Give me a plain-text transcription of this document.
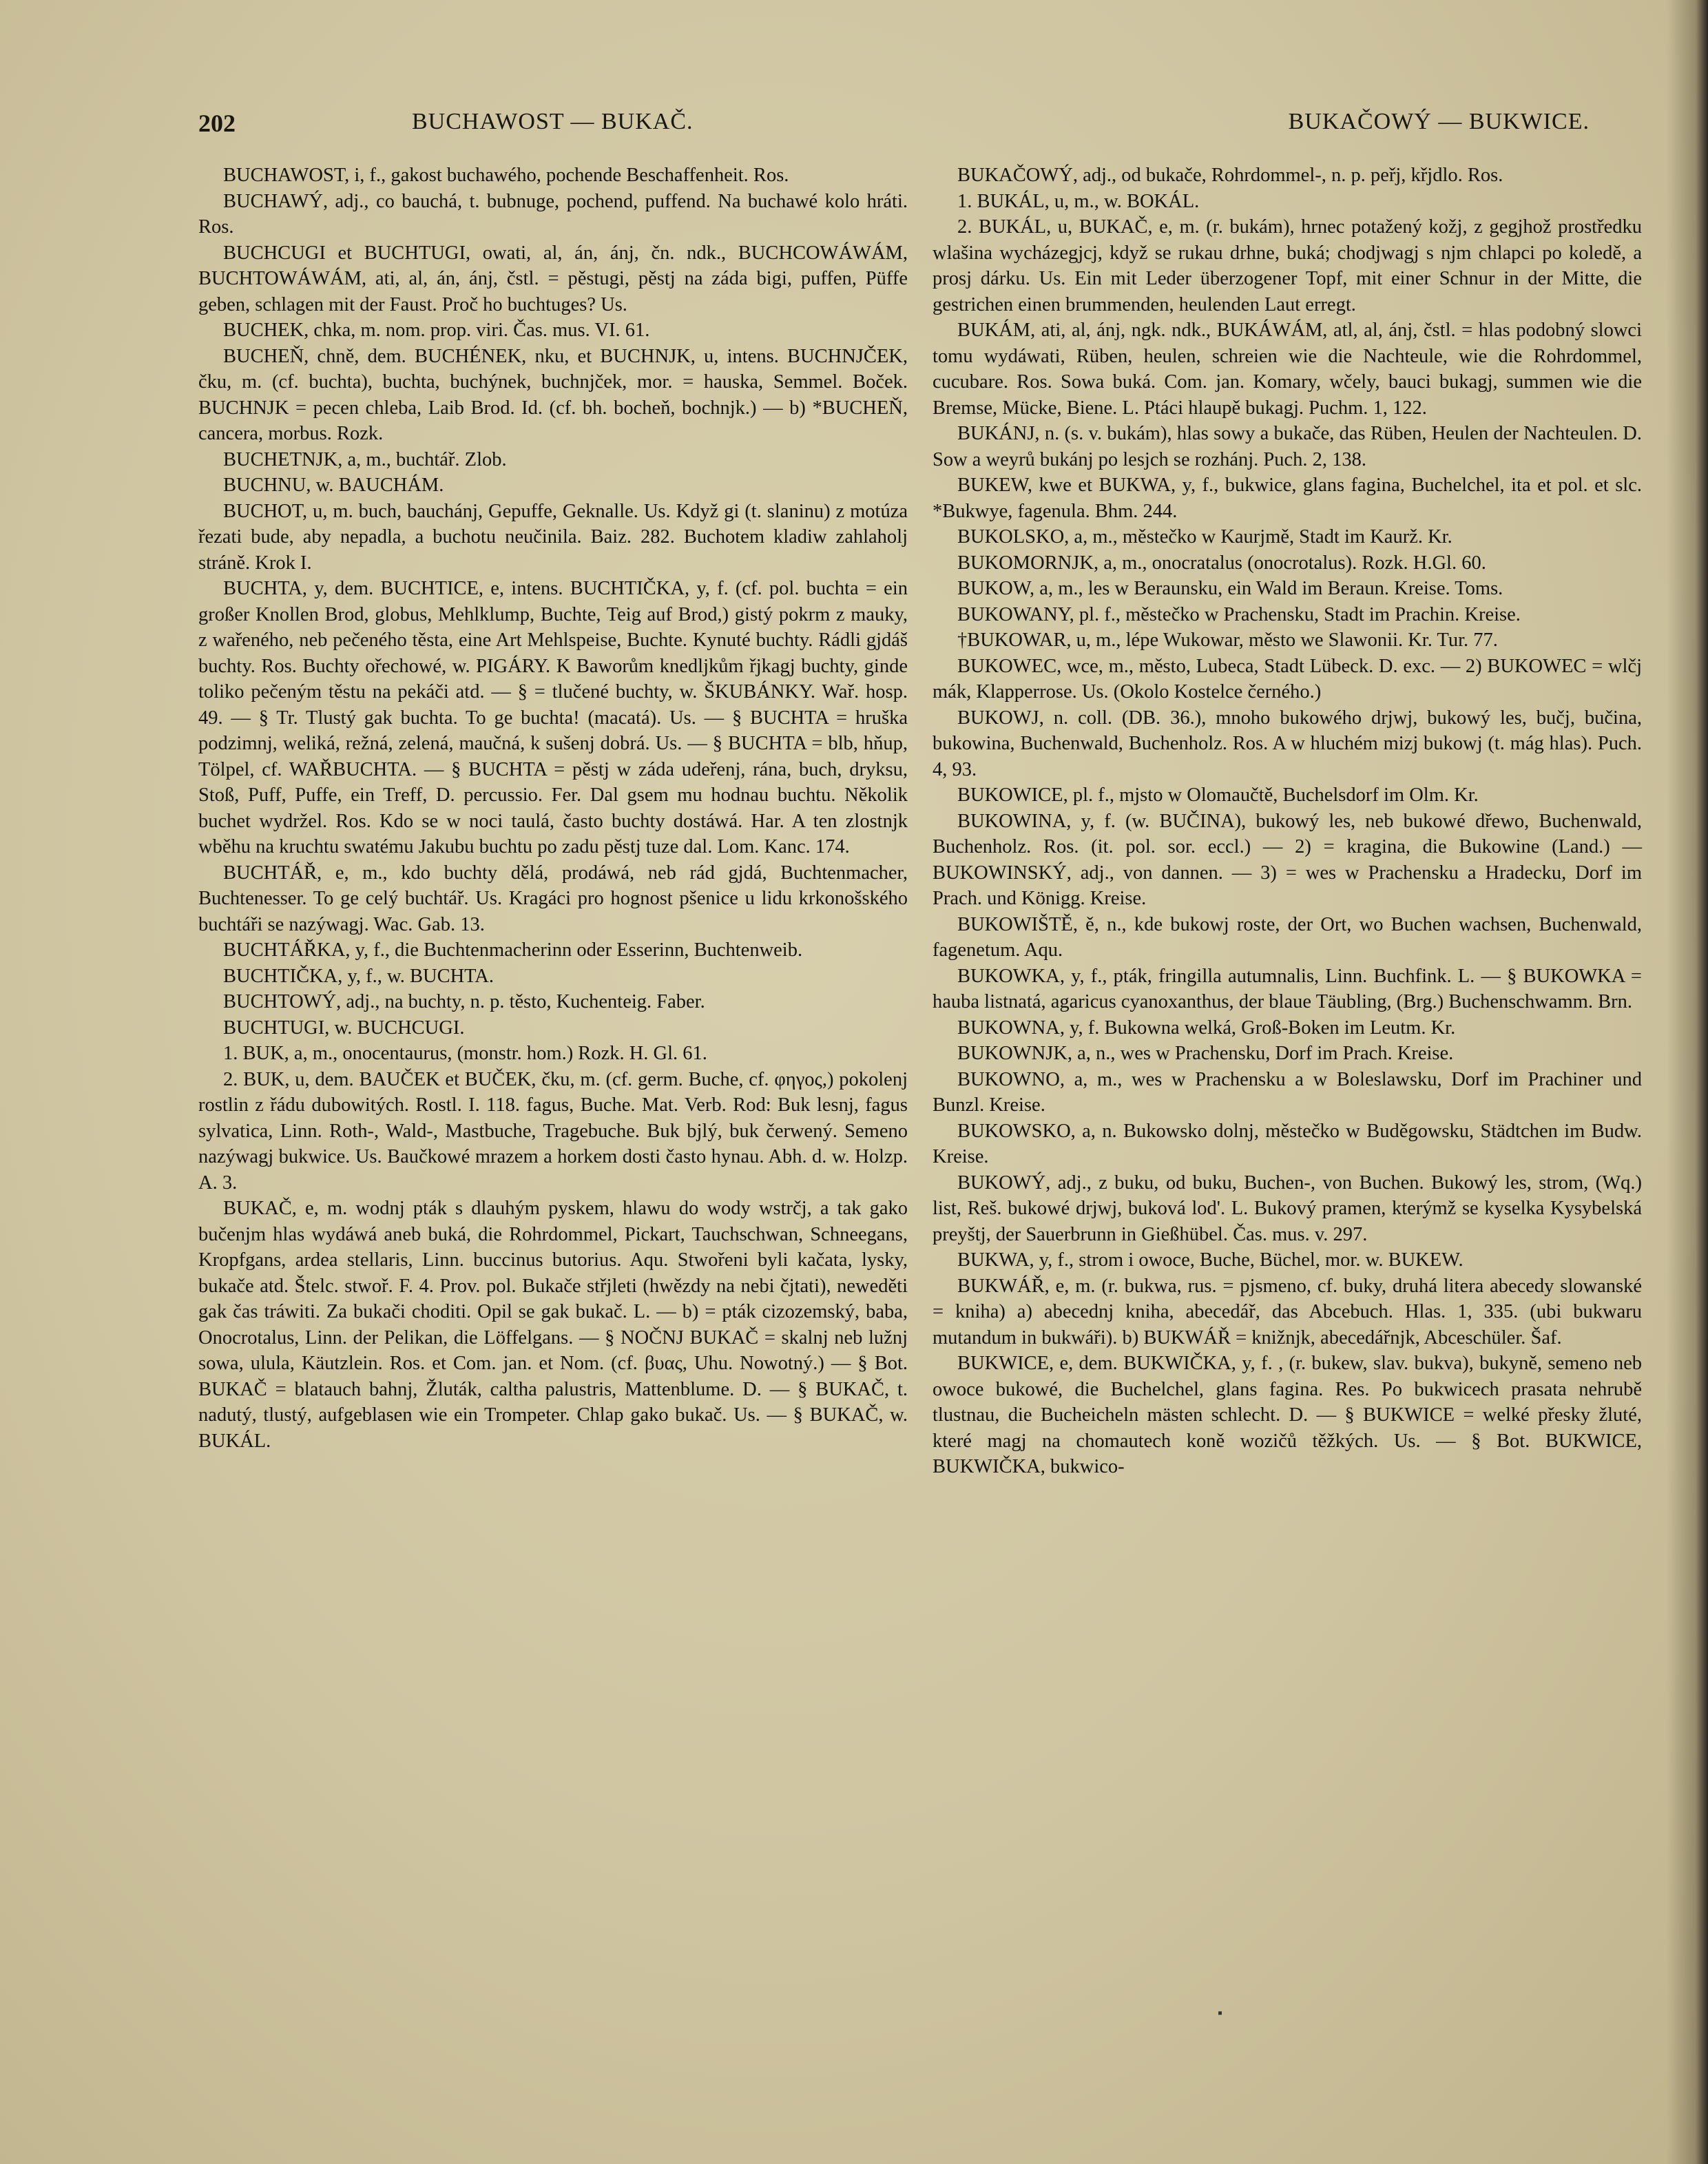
202	BUCHAWOST — BUKAČ.	BUKAČOWÝ — BUKWICE.

BUCHAWOST, i, f., gakost buchawého, pochende Beschaffenheit. Ros.

BUCHAWÝ, adj., co bauchá, t. bubnuge, pochend, puffend. Na buchawé kolo hráti. Ros.

BUCHCUGI et BUCHTUGI, owati, al, án, ánj, čn. ndk., BUCHCOWÁWÁM, BUCHTOWÁWÁM, ati, al, án, ánj, čstl. = pěstugi, pěstj na záda bigi, puffen, Püffe geben, schlagen mit der Faust. Proč ho buchtuges? Us.

BUCHEK, chka, m. nom. prop. viri. Čas. mus. VI. 61.

BUCHEŇ, chně, dem. BUCHÉNEK, nku, et BUCHNJK, u, intens. BUCHNJČEK, čku, m. (cf. buchta), buchta, buchýnek, buchnjček, mor. = hauska, Semmel. Boček. BUCHNJK = pecen chleba, Laib Brod. Id. (cf. bh. bocheň, bochnjk.) — b) *BUCHEŇ, cancera, morbus. Rozk.

BUCHETNJK, a, m., buchtář. Zlob.

BUCHNU, w. BAUCHÁM.

BUCHOT, u, m. buch, bauchánj, Gepuffe, Geknalle. Us. Když gi (t. slaninu) z motúza řezati bude, aby nepadla, a buchotu neučinila. Baiz. 282. Buchotem kladiw zahlaholj stráně. Krok I.

BUCHTA, y, dem. BUCHTICE, e, intens. BUCHTIČKA, y, f. (cf. pol. buchta = ein großer Knollen Brod, globus, Mehlklump, Buchte, Teig auf Brod,) gistý pokrm z mauky, z wařeného, neb pečeného těsta, eine Art Mehlspeise, Buchte. Kynuté buchty. Rádli gjdáš buchty. Ros. Buchty ořechowé, w. PIGÁRY. K Baworům knedljkům řjkagj buchty, ginde toliko pečeným těstu na pekáči atd. — § = tlučené buchty, w. ŠKUBÁNKY. Wař. hosp. 49. — § Tr. Tlustý gak buchta. To ge buchta! (macatá). Us. — § BUCHTA = hruška podzimnj, weliká, režná, zelená, maučná, k sušenj dobrá. Us. — § BUCHTA = blb, hňup, Tölpel, cf. WAŘBUCHTA. — § BUCHTA = pěstj w záda udeřenj, rána, buch, dryksu, Stoß, Puff, Puffe, ein Treff, D. percussio. Fer. Dal gsem mu hodnau buchtu. Několik buchet wydržel. Ros. Kdo se w noci taulá, často buchty dostáwá. Har. A ten zlostnjk wběhu na kruchtu swatému Jakubu buchtu po zadu pěstj tuze dal. Lom. Kanc. 174.

BUCHTÁŘ, e, m., kdo buchty dělá, prodáwá, neb rád gjdá, Buchtenmacher, Buchtenesser. To ge celý buchtář. Us. Kragáci pro hognost pšenice u lidu krkonošského buchtáři se nazýwagj. Wac. Gab. 13.

BUCHTÁŘKA, y, f., die Buchtenmacherinn oder Esserinn, Buchtenweib.

BUCHTIČKA, y, f., w. BUCHTA.

BUCHTOWÝ, adj., na buchty, n. p. těsto, Kuchenteig. Faber.

BUCHTUGI, w. BUCHCUGI.

1. BUK, a, m., onocentaurus, (monstr. hom.) Rozk. H. Gl. 61.

2. BUK, u, dem. BAUČEK et BUČEK, čku, m. (cf. germ. Buche, cf. φηγος,) pokolenj rostlin z řádu dubowitých. Rostl. I. 118. fagus, Buche. Mat. Verb. Rod: Buk lesnj, fagus sylvatica, Linn. Roth-, Wald-, Mastbuche, Tragebuche. Buk bjlý, buk čerwený. Semeno nazýwagj bukwice. Us. Baučkowé mrazem a horkem dosti často hynau. Abh. d. w. Holzp. A. 3.

BUKAČ, e, m. wodnj pták s dlauhým pyskem, hlawu do wody wstrčj, a tak gako bučenjm hlas wydáwá aneb buká, die Rohrdommel, Pickart, Tauchschwan, Schneegans, Kropfgans, ardea stellaris, Linn. buccinus butorius. Aqu. Stwořeni byli kačata, lysky, bukače atd. Štelc. stwoř. F. 4. Prov. pol. Bukače střjleti (hwězdy na nebi čjtati), neweděti gak čas tráwiti. Za bukači choditi. Opil se gak bukač. L. — b) = pták cizozemský, baba, Onocrotalus, Linn. der Pelikan, die Löffelgans. — § NOČNJ BUKAČ = skalnj neb lužnj sowa, ulula, Käutzlein. Ros. et Com. jan. et Nom. (cf. βυας, Uhu. Nowotný.) — § Bot. BUKAČ = blatauch bahnj, Žluták, caltha palustris, Mattenblume. D. — § BUKAČ, t. nadutý, tlustý, aufgeblasen wie ein Trompeter. Chlap gako bukač. Us. — § BUKAČ, w. BUKÁL.

BUKAČOWÝ, adj., od bukače, Rohrdommel-, n. p. peřj, křjdlo. Ros.

1. BUKÁL, u, m., w. BOKÁL.

2. BUKÁL, u, BUKAČ, e, m. (r. bukám), hrnec potažený kožj, z gegjhož prostředku wlašina wycházegjcj, když se rukau drhne, buká; chodjwagj s njm chlapci po koledě, a prosj dárku. Us. Ein mit Leder überzogener Topf, mit einer Schnur in der Mitte, die gestrichen einen brummenden, heulenden Laut erregt.

BUKÁM, ati, al, ánj, ngk. ndk., BUKÁWÁM, atl, al, ánj, čstl. = hlas podobný slowci tomu wydáwati, Rüben, heulen, schreien wie die Nachteule, wie die Rohrdommel, cucubare. Ros. Sowa buká. Com. jan. Komary, wčely, bauci bukagj, summen wie die Bremse, Mücke, Biene. L. Ptáci hlaupě bukagj. Puchm. 1, 122.

BUKÁNJ, n. (s. v. bukám), hlas sowy a bukače, das Rüben, Heulen der Nachteulen. D. Sow a weyrů bukánj po lesjch se rozhánj. Puch. 2, 138.

BUKEW, kwe et BUKWA, y, f., bukwice, glans fagina, Buchelchel, ita et pol. et slc. *Bukwye, fagenula. Bhm. 244.

BUKOLSKO, a, m., městečko w Kaurjmě, Stadt im Kaurž. Kr.

BUKOMORNJK, a, m., onocratalus (onocrotalus). Rozk. H.Gl. 60.

BUKOW, a, m., les w Beraunsku, ein Wald im Beraun. Kreise. Toms.

BUKOWANY, pl. f., městečko w Prachensku, Stadt im Prachin. Kreise.

†BUKOWAR, u, m., lépe Wukowar, město we Slawonii. Kr. Tur. 77.

BUKOWEC, wce, m., město, Lubeca, Stadt Lübeck. D. exc. — 2) BUKOWEC = wlčj mák, Klapperrose. Us. (Okolo Kostelce černého.)

BUKOWJ, n. coll. (DB. 36.), mnoho bukowého drjwj, bukowý les, bučj, bučina, bukowina, Buchenwald, Buchenholz. Ros. A w hluchém mizj bukowj (t. mág hlas). Puch. 4, 93.

BUKOWICE, pl. f., mjsto w Olomaučtě, Buchelsdorf im Olm. Kr.

BUKOWINA, y, f. (w. BUČINA), bukowý les, neb bukowé dřewo, Buchenwald, Buchenholz. Ros. (it. pol. sor. eccl.) — 2) = kragina, die Bukowine (Land.) — BUKOWINSKÝ, adj., von dannen. — 3) = wes w Prachensku a Hradecku, Dorf im Prach. und Königg. Kreise.

BUKOWIŠTĚ, ě, n., kde bukowj roste, der Ort, wo Buchen wachsen, Buchenwald, fagenetum. Aqu.

BUKOWKA, y, f., pták, fringilla autumnalis, Linn. Buchfink. L. — § BUKOWKA = hauba listnatá, agaricus cyanoxanthus, der blaue Täubling, (Brg.) Buchenschwamm. Brn.

BUKOWNA, y, f. Bukowna welká, Groß-Boken im Leutm. Kr.

BUKOWNJK, a, n., wes w Prachensku, Dorf im Prach. Kreise.

BUKOWNO, a, m., wes w Prachensku a w Boleslawsku, Dorf im Prachiner und Bunzl. Kreise.

BUKOWSKO, a, n. Bukowsko dolnj, městečko w Buděgowsku, Städtchen im Budw. Kreise.

BUKOWÝ, adj., z buku, od buku, Buchen-, von Buchen. Bukowý les, strom, (Wq.) list, Reš. bukowé drjwj, buková lod'. L. Bukový pramen, kterýmž se kyselka Kysybelská preyštj, der Sauerbrunn in Gießhübel. Čas. mus. v. 297.

BUKWA, y, f., strom i owoce, Buche, Büchel, mor. w. BUKEW.

BUKWÁŘ, e, m. (r. bukwa, rus. = pjsmeno, cf. buky, druhá litera abecedy slowanské = kniha) a) abecednj kniha, abecedář, das Abcebuch. Hlas. 1, 335. (ubi bukwaru mutandum in bukwáři). b) BUKWÁŘ = knižnjk, abecedářnjk, Abceschüler. Šaf.

BUKWICE, e, dem. BUKWIČKA, y, f. , (r. bukew, slav. bukva), bukyně, semeno neb owoce bukowé, die Buchelchel, glans fagina. Res. Po bukwicech prasata nehrubě tlustnau, die Bucheicheln mästen schlecht. D. — § BUKWICE = welké přesky žluté, které magj na chomautech koně wozičů těžkých. Us. — § Bot. BUKWICE, BUKWIČKA, bukwico-

▪
